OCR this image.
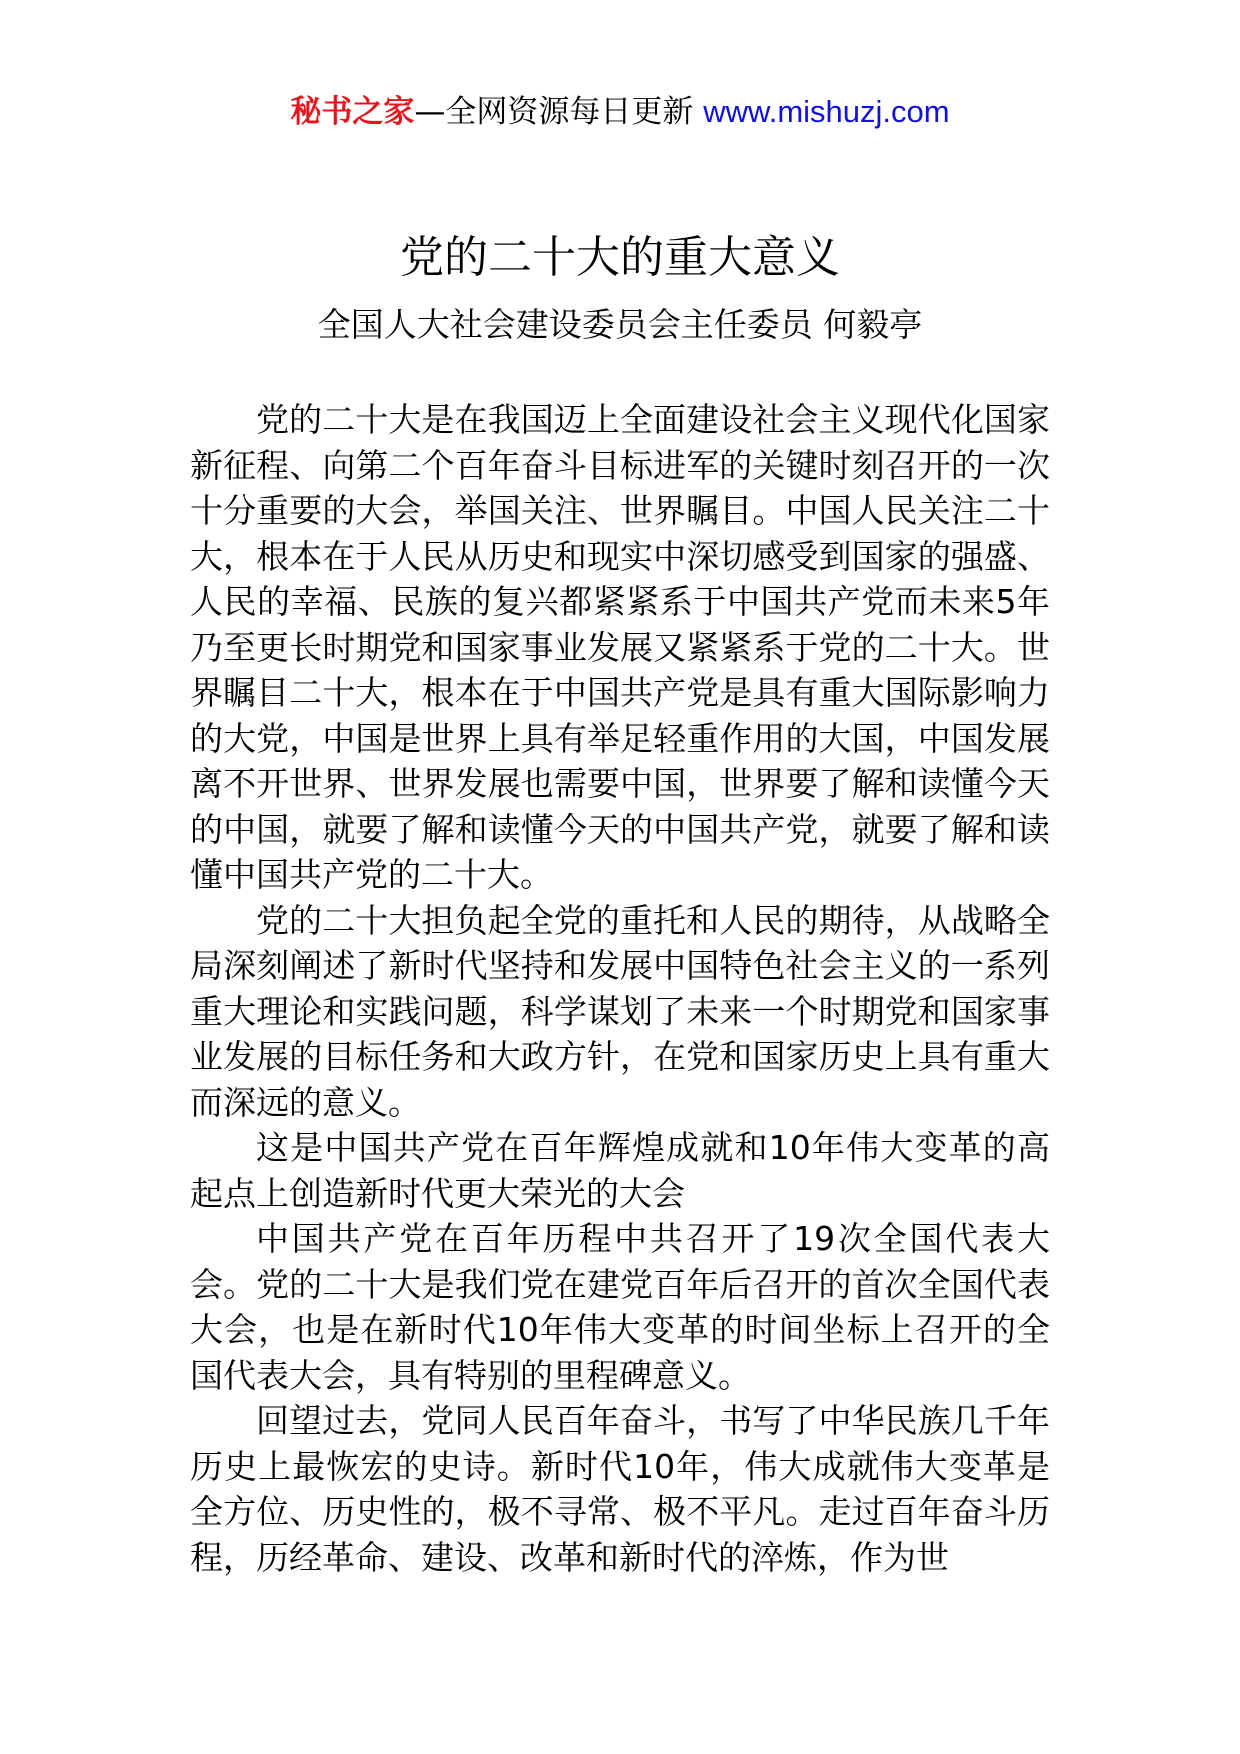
秘书之家—全网资源每日更新 www.mishuzj.com
党的二十大的重大意义
全国人大社会建设委员会主任委员 何毅亭

党的二十大是在我国迈上全面建设社会主义现代化国家新征程、向第二个百年奋斗目标进军的关键时刻召开的一次十分重要的大会，举国关注、世界瞩目。中国人民关注二十大，根本在于人民从历史和现实中深切感受到国家的强盛、人民的幸福、民族的复兴都紧紧系于中国共产党而未来5年乃至更长时期党和国家事业发展又紧紧系于党的二十大。世界瞩目二十大，根本在于中国共产党是具有重大国际影响力的大党，中国是世界上具有举足轻重作用的大国，中国发展离不开世界、世界发展也需要中国，世界要了解和读懂今天的中国，就要了解和读懂今天的中国共产党，就要了解和读懂中国共产党的二十大。

党的二十大担负起全党的重托和人民的期待，从战略全局深刻阐述了新时代坚持和发展中国特色社会主义的一系列重大理论和实践问题，科学谋划了未来一个时期党和国家事业发展的目标任务和大政方针，在党和国家历史上具有重大而深远的意义。

这是中国共产党在百年辉煌成就和10年伟大变革的高起点上创造新时代更大荣光的大会

中国共产党在百年历程中共召开了19次全国代表大会。党的二十大是我们党在建党百年后召开的首次全国代表大会，也是在新时代10年伟大变革的时间坐标上召开的全国代表大会，具有特别的里程碑意义。

回望过去，党同人民百年奋斗，书写了中华民族几千年历史上最恢宏的史诗。新时代10年，伟大成就伟大变革是全方位、历史性的，极不寻常、极不平凡。走过百年奋斗历程，历经革命、建设、改革和新时代的淬炼，作为世
